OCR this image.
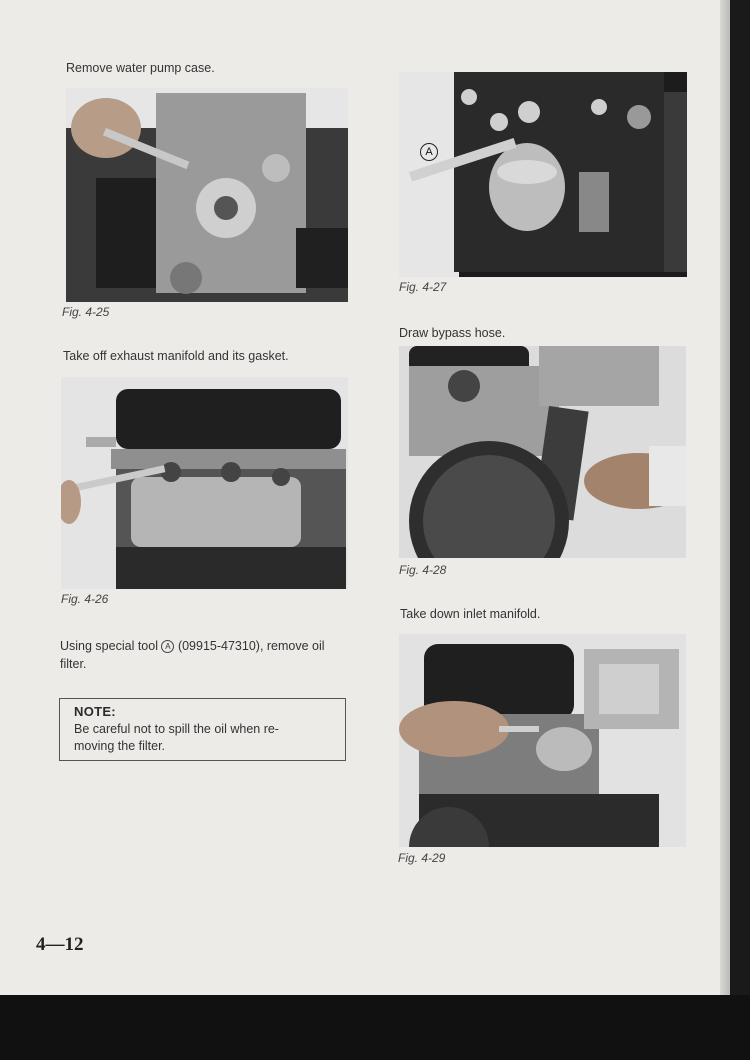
Remove water pump case.
Fig. 4-25
Take off exhaust manifold and its gasket.
Fig. 4-26
Using special tool A (09915-47310), remove oil
filter.
NOTE:
Be careful not to spill the oil when re-
moving the filter.
A
Fig. 4-27
Draw bypass hose.
Fig. 4-28
Take down inlet manifold.
Fig. 4-29
4—12
